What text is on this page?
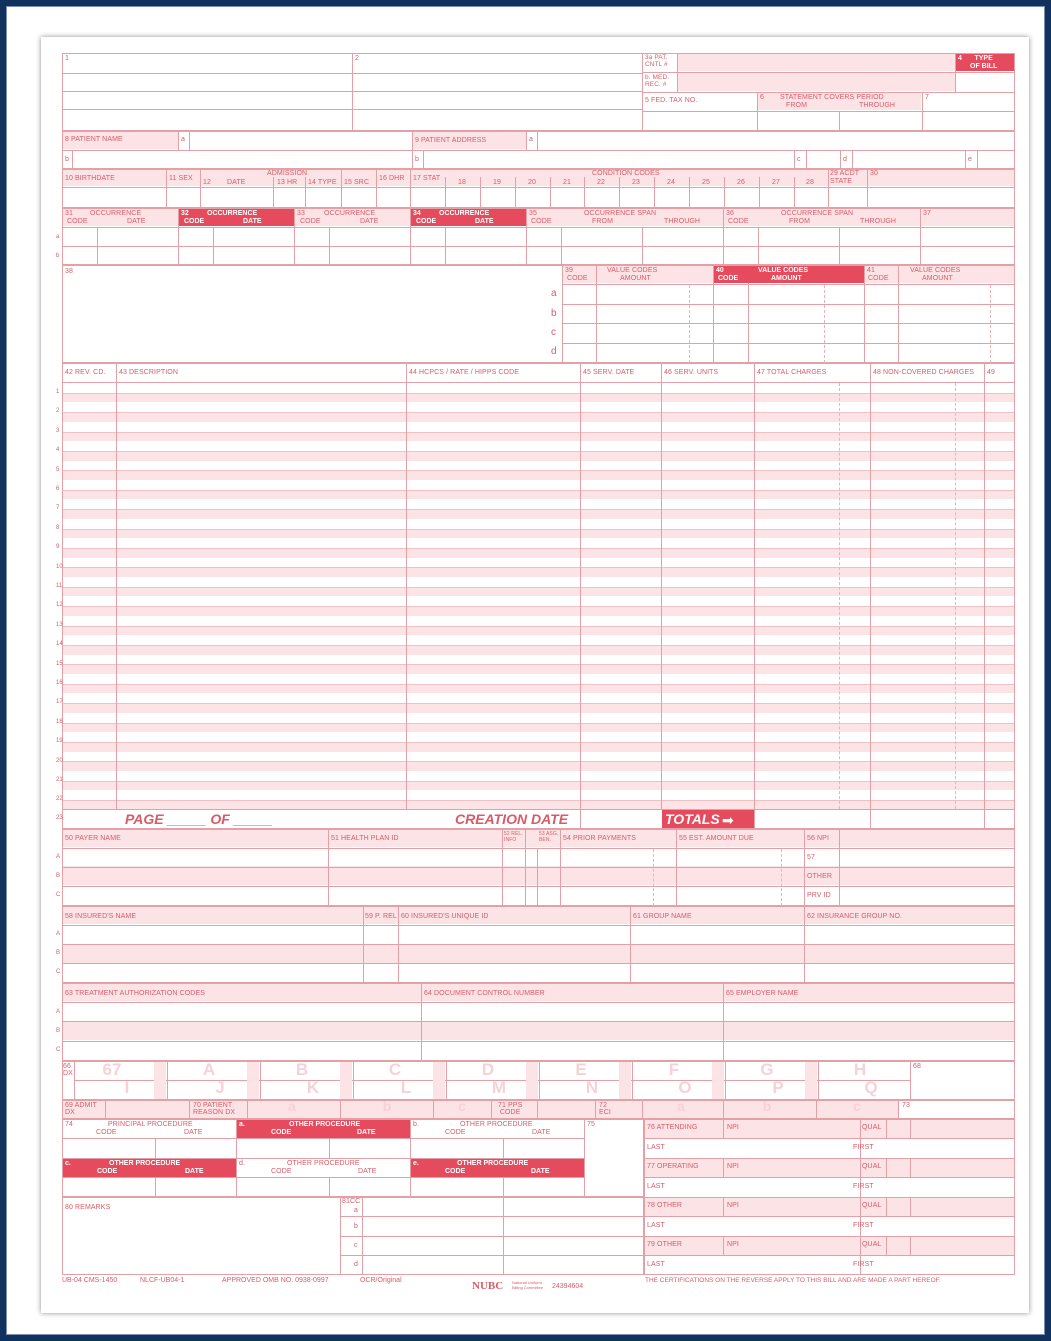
1	2	3a PAT.
CNTL #
b. MED.
REC. #
4	TYPE
OF BILL
5 FED. TAX NO.	6 STATEMENT COVERS PERIOD
FROM	THROUGH
7
8 PATIENT NAME	a
b
9 PATIENT ADDRESS	a
b	c	d	e
10 BIRTHDATE	11 SEX
ADMISSION
12 DATE	13 HR 14 TYPE 15 SRC
16 DHR 17 STAT
CONDITION CODES
18	19	20	21	22	23	24	25	26	27	28
29 ACDT
STATE
30
31 OCCURRENCE
CODE	DATE
32	OCCURRENCE
CODE	DATE
33	OCCURRENCE
CODE	DATE
34	OCCURRENCE
CODE	DATE
35	OCCURRENCE SPAN
CODE	FROM	THROUGH
36	OCCURRENCE SPAN
CODE	FROM	THROUGH
37
a
b
38	39	VALUE CODES
CODE	AMOUNT
40	VALUE CODES
CODE	AMOUNT
41	VALUE CODES
CODE	AMOUNT
a
b
c
d
42 REV. CD. 43 DESCRIPTION	44 HCPCS / RATE / HIPPS CODE	45 SERV. DATE	46 SERV. UNITS	47 TOTAL CHARGES	48 NON-COVERED CHARGES 49
1
2
3
4
5
6
7
8
9
10
11
12
13
14
15
16
17
18
19
20
21
22
23	PAGE _____ OF _____	CREATION DATE	TOTALS ➡
50 PAYER NAME	51 HEALTH PLAN ID
52 REL.
INFO
53 ASG.
BEN.	54 PRIOR PAYMENTS	55 EST. AMOUNT DUE	56 NPI
57
OTHER
PRV ID
A
B
C
58 INSURED'S NAME	59 P. REL 60 INSURED'S UNIQUE ID	61 GROUP NAME	62 INSURANCE GROUP NO.
A
B
C
63 TREATMENT AUTHORIZATION CODES	64 DOCUMENT CONTROL NUMBER	65 EMPLOYER NAME
A
B
C
66
DX	67	A	B	C	D	E	F	G	H
I	J	K	L	M	N	O	P	Q
68
69 ADMIT
DX
70 PATIENT
REASON DX	a	b	c	71 PPS
CODE
72
ECI	a	b	c	73
74	PRINCIPAL PROCEDURE
CODE	DATE
a.	OTHER PROCEDURE
CODE	DATE
b.	OTHER PROCEDURE
CODE	DATE
c.	OTHER PROCEDURE
CODE	DATE
d.	OTHER PROCEDURE
CODE	DATE
e.	OTHER PROCEDURE
CODE	DATE
75	76 ATTENDING	NPI	QUAL
LAST	FIRST
77 OPERATING	NPI	QUAL
LAST	FIRST
78 OTHER	NPI	QUAL
LAST	FIRST
79 OTHER	NPI	QUAL
LAST	FIRST
80 REMARKS
81CC
a
b
c
d
UB-04 CMS-1450	NLCF-UB04-1	APPROVED OMB NO. 0938-0997	OCR/Original	NUBC National Uniform
Billing Committee 24394604
THE CERTIFICATIONS ON THE REVERSE APPLY TO THIS BILL AND ARE MADE A PART HEREOF.
